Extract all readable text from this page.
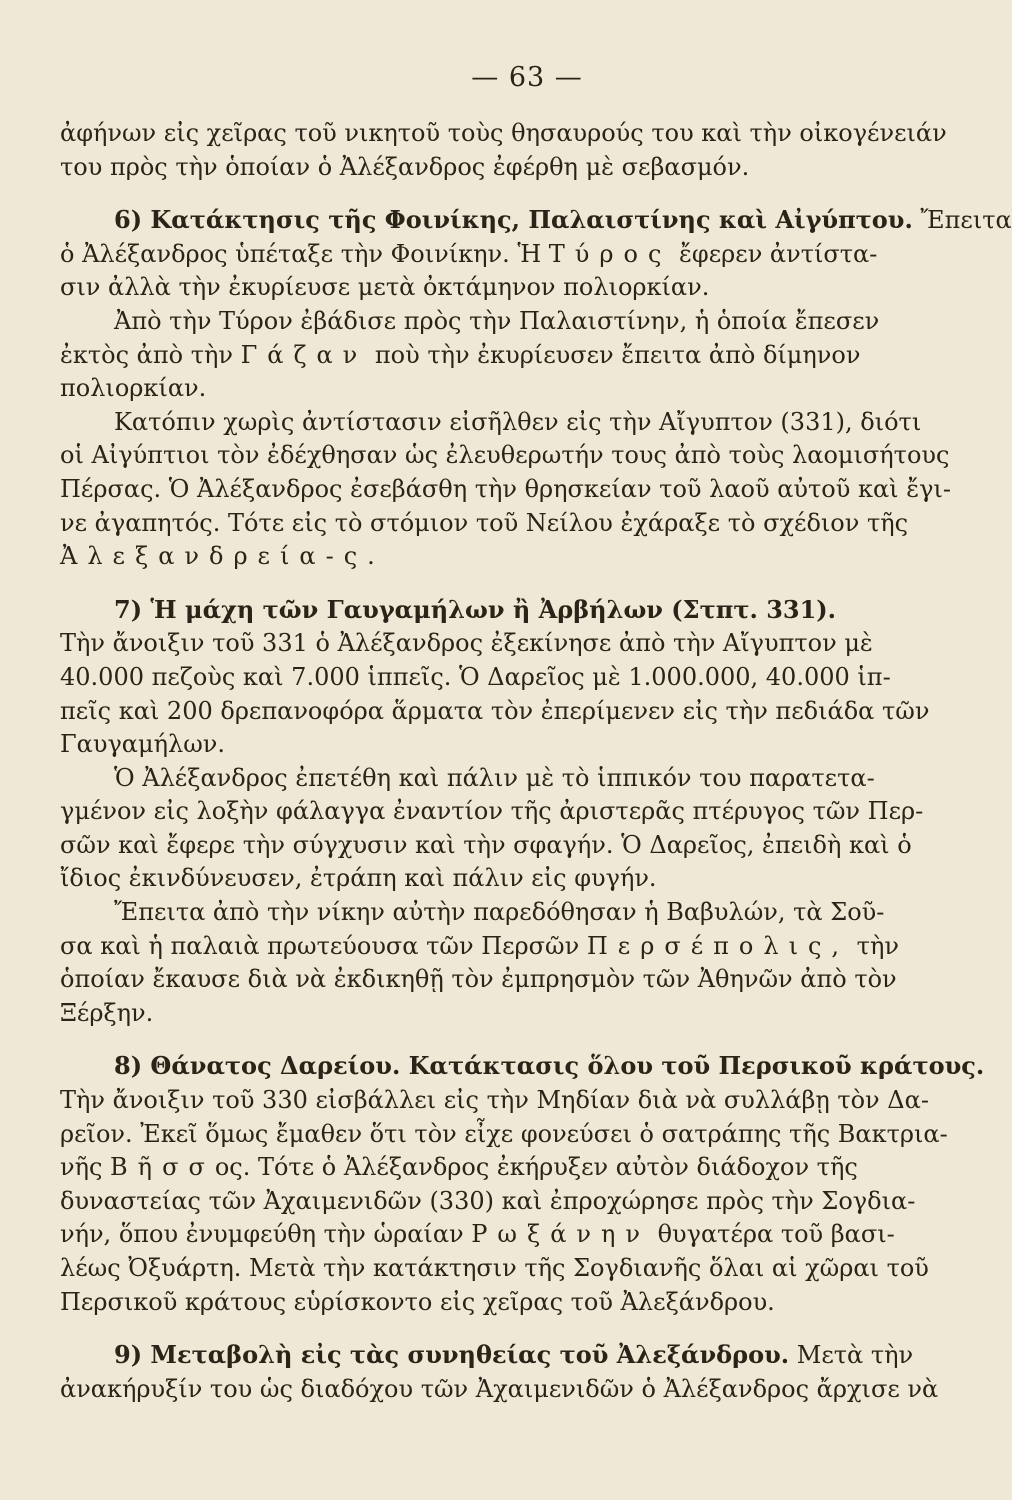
— 63 —
ἀφήνων εἰς χεῖρας τοῦ νικητοῦ τοὺς θησαυρούς του καὶ τὴν οἰκογένειάν
του πρὸς τὴν ὁποίαν ὁ Ἀλέξανδρος ἐφέρθη μὲ σεβασμόν.
6) Κατάκτησις τῆς Φοινίκης, Παλαιστίνης καὶ Αἰγύπτου. Ἔπειτα
ὁ Ἀλέξανδρος ὑπέταξε τὴν Φοινίκην. Ἡ Τύρος ἔφερεν ἀντίστα-
σιν ἀλλὰ τὴν ἐκυρίευσε μετὰ ὀκτάμηνον πολιορκίαν.
Ἀπὸ τὴν Τύρον ἐβάδισε πρὸς τὴν Παλαιστίνην, ἡ ὁποία ἔπεσεν
ἐκτὸς ἀπὸ τὴν Γάζαν ποὺ τὴν ἐκυρίευσεν ἔπειτα ἀπὸ δίμηνον
πολιορκίαν.
Κατόπιν χωρὶς ἀντίστασιν εἰσῆλθεν εἰς τὴν Αἴγυπτον (331), διότι
οἱ Αἰγύπτιοι τὸν ἐδέχθησαν ὡς ἐλευθερωτήν τους ἀπὸ τοὺς λαομισήτους
Πέρσας. Ὁ Ἀλέξανδρος ἐσεβάσθη τὴν θρησκείαν τοῦ λαοῦ αὐτοῦ καὶ ἔγι-
νε ἀγαπητός. Τότε εἰς τὸ στόμιον τοῦ Νείλου ἐχάραξε τὸ σχέδιον τῆς
Ἀλεξανδρεία-ς.
7) Ἡ μάχη τῶν Γαυγαμήλων ἢ Ἀρβήλων (Στπτ. 331).
Τὴν ἄνοιξιν τοῦ 331 ὁ Ἀλέξανδρος ἐξεκίνησε ἀπὸ τὴν Αἴγυπτον μὲ
40.000 πεζοὺς καὶ 7.000 ἱππεῖς. Ὁ Δαρεῖος μὲ 1.000.000, 40.000 ἱπ-
πεῖς καὶ 200 δρεπανοφόρα ἅρματα τὸν ἐπερίμενεν εἰς τὴν πεδιάδα τῶν
Γαυγαμήλων.
Ὁ Ἀλέξανδρος ἐπετέθη καὶ πάλιν μὲ τὸ ἱππικόν του παρατετα-
γμένον εἰς λοξὴν φάλαγγα ἐναντίον τῆς ἀριστερᾶς πτέρυγος τῶν Περ-
σῶν καὶ ἔφερε τὴν σύγχυσιν καὶ τὴν σφαγήν. Ὁ Δαρεῖος, ἐπειδὴ καὶ ὁ
ἴδιος ἐκινδύνευσεν, ἐτράπη καὶ πάλιν εἰς φυγήν.
Ἔπειτα ἀπὸ τὴν νίκην αὐτὴν παρεδόθησαν ἡ Βαβυλών, τὰ Σοῦ-
σα καὶ ἡ παλαιὰ πρωτεύουσα τῶν Περσῶν Περσέπολις, τὴν
ὁποίαν ἔκαυσε διὰ νὰ ἐκδικηθῇ τὸν ἐμπρησμὸν τῶν Ἀθηνῶν ἀπὸ τὸν
Ξέρξην.
8) Θάνατος Δαρείου. Κατάκτασις ὅλου τοῦ Περσικοῦ κράτους.
Τὴν ἄνοιξιν τοῦ 330 εἰσβάλλει εἰς τὴν Μηδίαν διὰ νὰ συλλάβῃ τὸν Δα-
ρεῖον. Ἐκεῖ ὅμως ἔμαθεν ὅτι τὸν εἶχε φονεύσει ὁ σατράπης τῆς Βακτρια-
νῆς Βῆσσος. Τότε ὁ Ἀλέξανδρος ἐκήρυξεν αὐτὸν διάδοχον τῆς
δυναστείας τῶν Ἀχαιμενιδῶν (330) καὶ ἐπροχώρησε πρὸς τὴν Σογδια-
νήν, ὅπου ἐνυμφεύθη τὴν ὡραίαν Ρωξάνην θυγατέρα τοῦ βασι-
λέως Ὀξυάρτη. Μετὰ τὴν κατάκτησιν τῆς Σογδιανῆς ὅλαι αἱ χῶραι τοῦ
Περσικοῦ κράτους εὑρίσκοντο εἰς χεῖρας τοῦ Ἀλεξάνδρου.
9) Μεταβολὴ εἰς τὰς συνηθείας τοῦ Ἀλεξάνδρου. Μετὰ τὴν
ἀνακήρυξίν του ὡς διαδόχου τῶν Ἀχαιμενιδῶν ὁ Ἀλέξανδρος ἄρχισε νὰ
